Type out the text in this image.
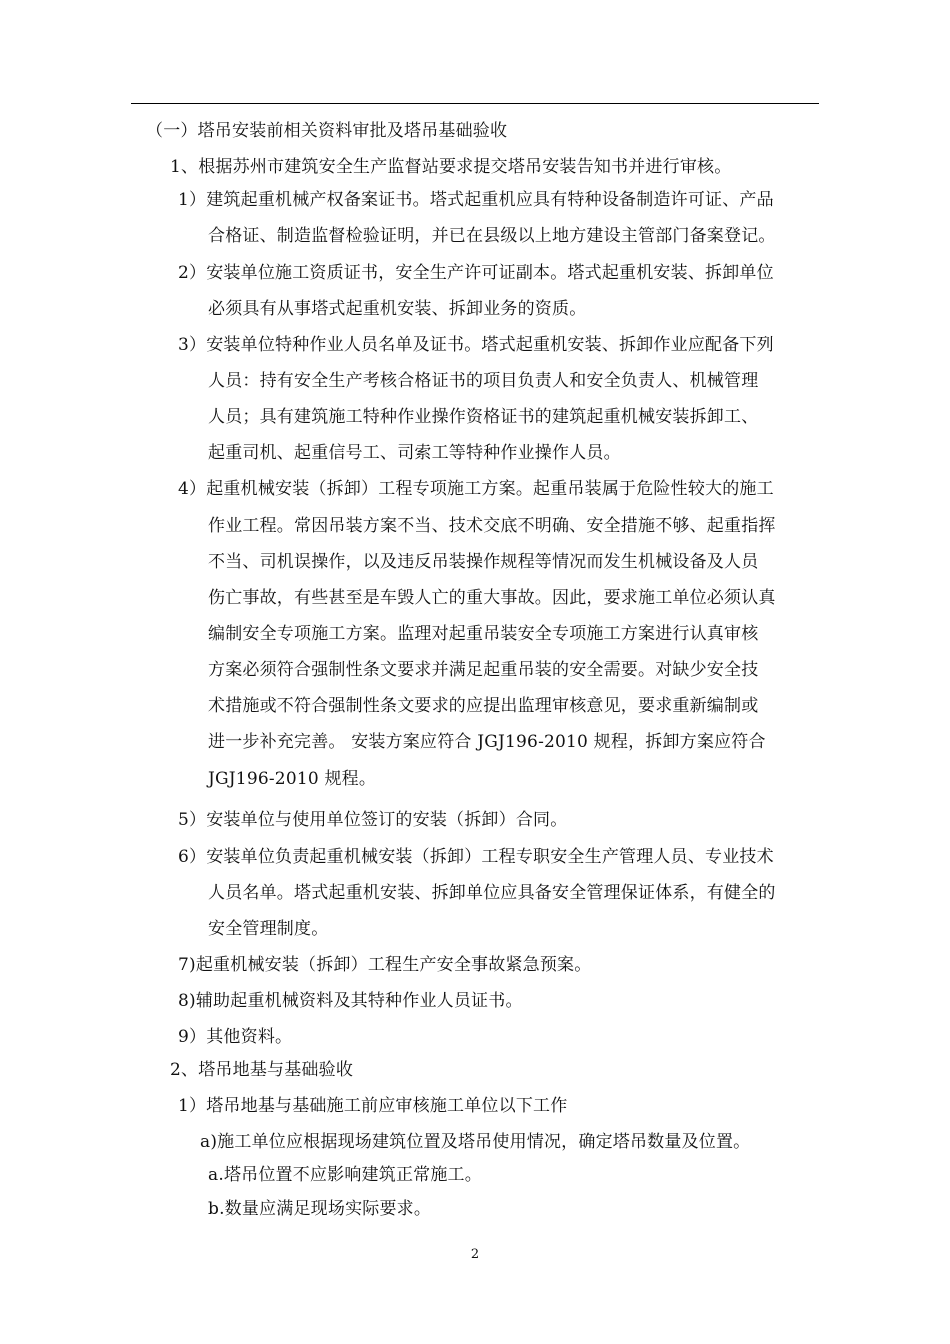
（一）塔吊安装前相关资料审批及塔吊基础验收
1、根据苏州市建筑安全生产监督站要求提交塔吊安装告知书并进行审核。
1）建筑起重机械产权备案证书。塔式起重机应具有特种设备制造许可证、产品
合格证、制造监督检验证明，并已在县级以上地方建设主管部门备案登记。
2）安装单位施工资质证书，安全生产许可证副本。塔式起重机安装、拆卸单位
必须具有从事塔式起重机安装、拆卸业务的资质。
3）安装单位特种作业人员名单及证书。塔式起重机安装、拆卸作业应配备下列
人员：持有安全生产考核合格证书的项目负责人和安全负责人、机械管理
人员；具有建筑施工特种作业操作资格证书的建筑起重机械安装拆卸工、
起重司机、起重信号工、司索工等特种作业操作人员。
4）起重机械安装（拆卸）工程专项施工方案。起重吊装属于危险性较大的施工
作业工程。常因吊装方案不当、技术交底不明确、安全措施不够、起重指挥
不当、司机误操作，以及违反吊装操作规程等情况而发生机械设备及人员
伤亡事故，有些甚至是车毁人亡的重大事故。因此，要求施工单位必须认真
编制安全专项施工方案。监理对起重吊装安全专项施工方案进行认真审核
方案必须符合强制性条文要求并满足起重吊装的安全需要。对缺少安全技
术措施或不符合强制性条文要求的应提出监理审核意见，要求重新编制或
进一步补充完善。 安装方案应符合 JGJ196-2010 规程，拆卸方案应符合
JGJ196-2010 规程。
5）安装单位与使用单位签订的安装（拆卸）合同。
6）安装单位负责起重机械安装（拆卸）工程专职安全生产管理人员、专业技术
人员名单。塔式起重机安装、拆卸单位应具备安全管理保证体系，有健全的
安全管理制度。
7)起重机械安装（拆卸）工程生产安全事故紧急预案。
8)辅助起重机械资料及其特种作业人员证书。
9）其他资料。
2、塔吊地基与基础验收
1）塔吊地基与基础施工前应审核施工单位以下工作
a)施工单位应根据现场建筑位置及塔吊使用情况，确定塔吊数量及位置。
a.塔吊位置不应影响建筑正常施工。
b.数量应满足现场实际要求。
2
